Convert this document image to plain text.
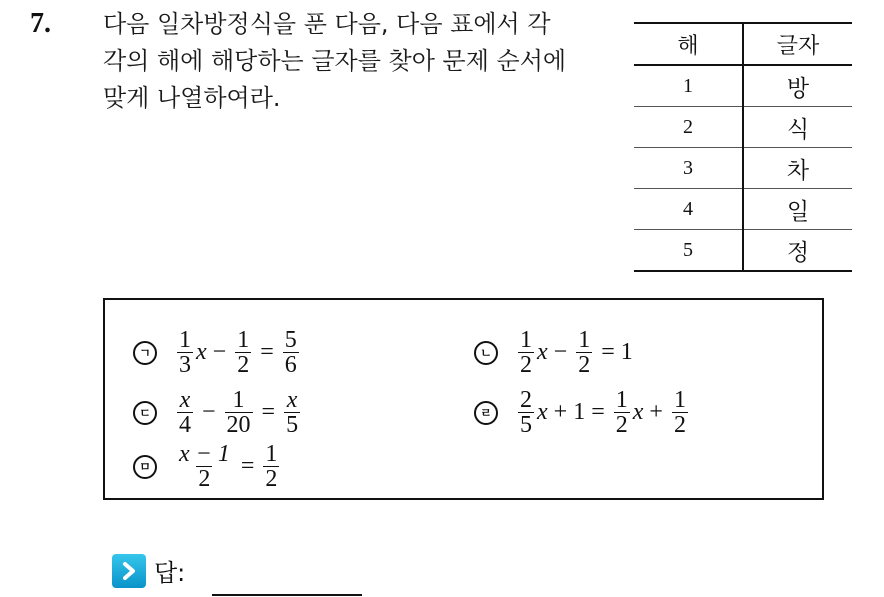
7. 다음 일차방정식을 푼 다음, 다음 표에서 각
각의 해에 해당하는 글자를 찾아 문제 순서에
맞게 나열하여라.
해	글자
1	방
2	식
3	차
4	일
5	정
ㄱ $\frac{1}{3}$ $x - \frac{1}{2} = \frac{5}{6}$	ㄴ $\frac{1}{2}$ $x - \frac{1}{2} = 1$
ㄷ $\frac{x}{4} - \frac{1}{20} = \frac{x}{5}$	ㄹ $\frac{2}{5}$ $x + 1 = \frac{1}{2}$ $x + \frac{1}{2}$
ㅁ $\frac{x - 1}{2} = \frac{1}{2}$
답:
